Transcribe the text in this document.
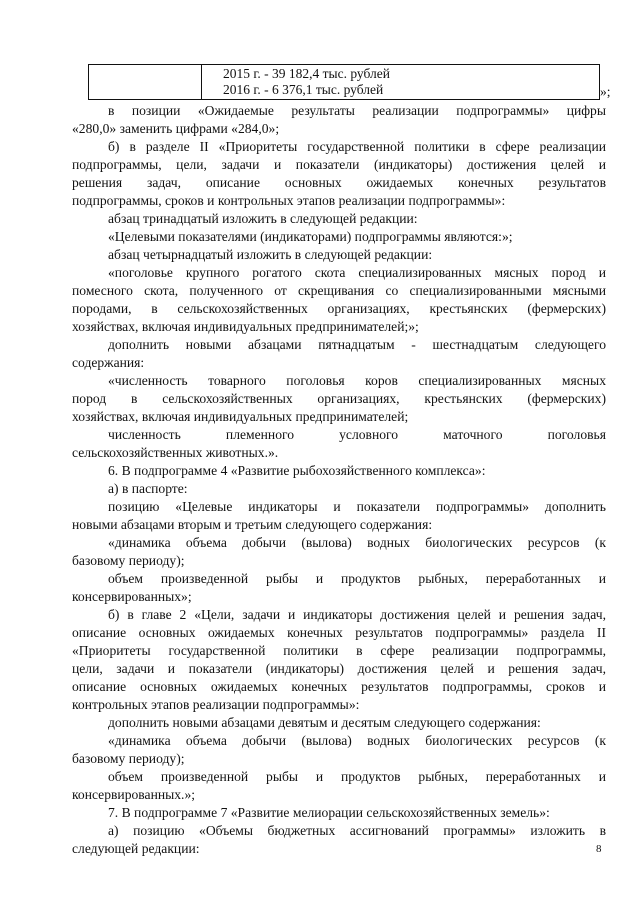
2015 г. - 39 182,4 тыс. рублей
2016 г. - 6 376,1 тыс. рублей	»;
в позиции «Ожидаемые результаты реализации подпрограммы» цифры
«280,0» заменить цифрами «284,0»;
б) в разделе II «Приоритеты государственной политики в сфере реализации
подпрограммы, цели, задачи и показатели (индикаторы) достижения целей и
решения задач, описание основных ожидаемых конечных результатов
подпрограммы, сроков и контрольных этапов реализации подпрограммы»:
абзац тринадцатый изложить в следующей редакции:
«Целевыми показателями (индикаторами) подпрограммы являются:»;
абзац четырнадцатый изложить в следующей редакции:
«поголовье крупного рогатого скота специализированных мясных пород и
помесного скота, полученного от скрещивания со специализированными мясными
породами, в сельскохозяйственных организациях, крестьянских (фермерских)
хозяйствах, включая индивидуальных предпринимателей;»;
дополнить новыми абзацами пятнадцатым - шестнадцатым следующего
содержания:
«численность товарного поголовья коров специализированных мясных
пород в сельскохозяйственных организациях, крестьянских (фермерских)
хозяйствах, включая индивидуальных предпринимателей;
численность племенного условного маточного поголовья
сельскохозяйственных животных.».
6. В подпрограмме 4 «Развитие рыбохозяйственного комплекса»:
а) в паспорте:
позицию «Целевые индикаторы и показатели подпрограммы» дополнить
новыми абзацами вторым и третьим следующего содержания:
«динамика объема добычи (вылова) водных биологических ресурсов (к
базовому периоду);
объем произведенной рыбы и продуктов рыбных, переработанных и
консервированных»;
б) в главе 2 «Цели, задачи и индикаторы достижения целей и решения задач,
описание основных ожидаемых конечных результатов подпрограммы» раздела II
«Приоритеты государственной политики в сфере реализации подпрограммы,
цели, задачи и показатели (индикаторы) достижения целей и решения задач,
описание основных ожидаемых конечных результатов подпрограммы, сроков и
контрольных этапов реализации подпрограммы»:
дополнить новыми абзацами девятым и десятым следующего содержания:
«динамика объема добычи (вылова) водных биологических ресурсов (к
базовому периоду);
объем произведенной рыбы и продуктов рыбных, переработанных и
консервированных.»;
7. В подпрограмме 7 «Развитие мелиорации сельскохозяйственных земель»:
а) позицию «Объемы бюджетных ассигнований программы» изложить в
следующей редакции:	8
